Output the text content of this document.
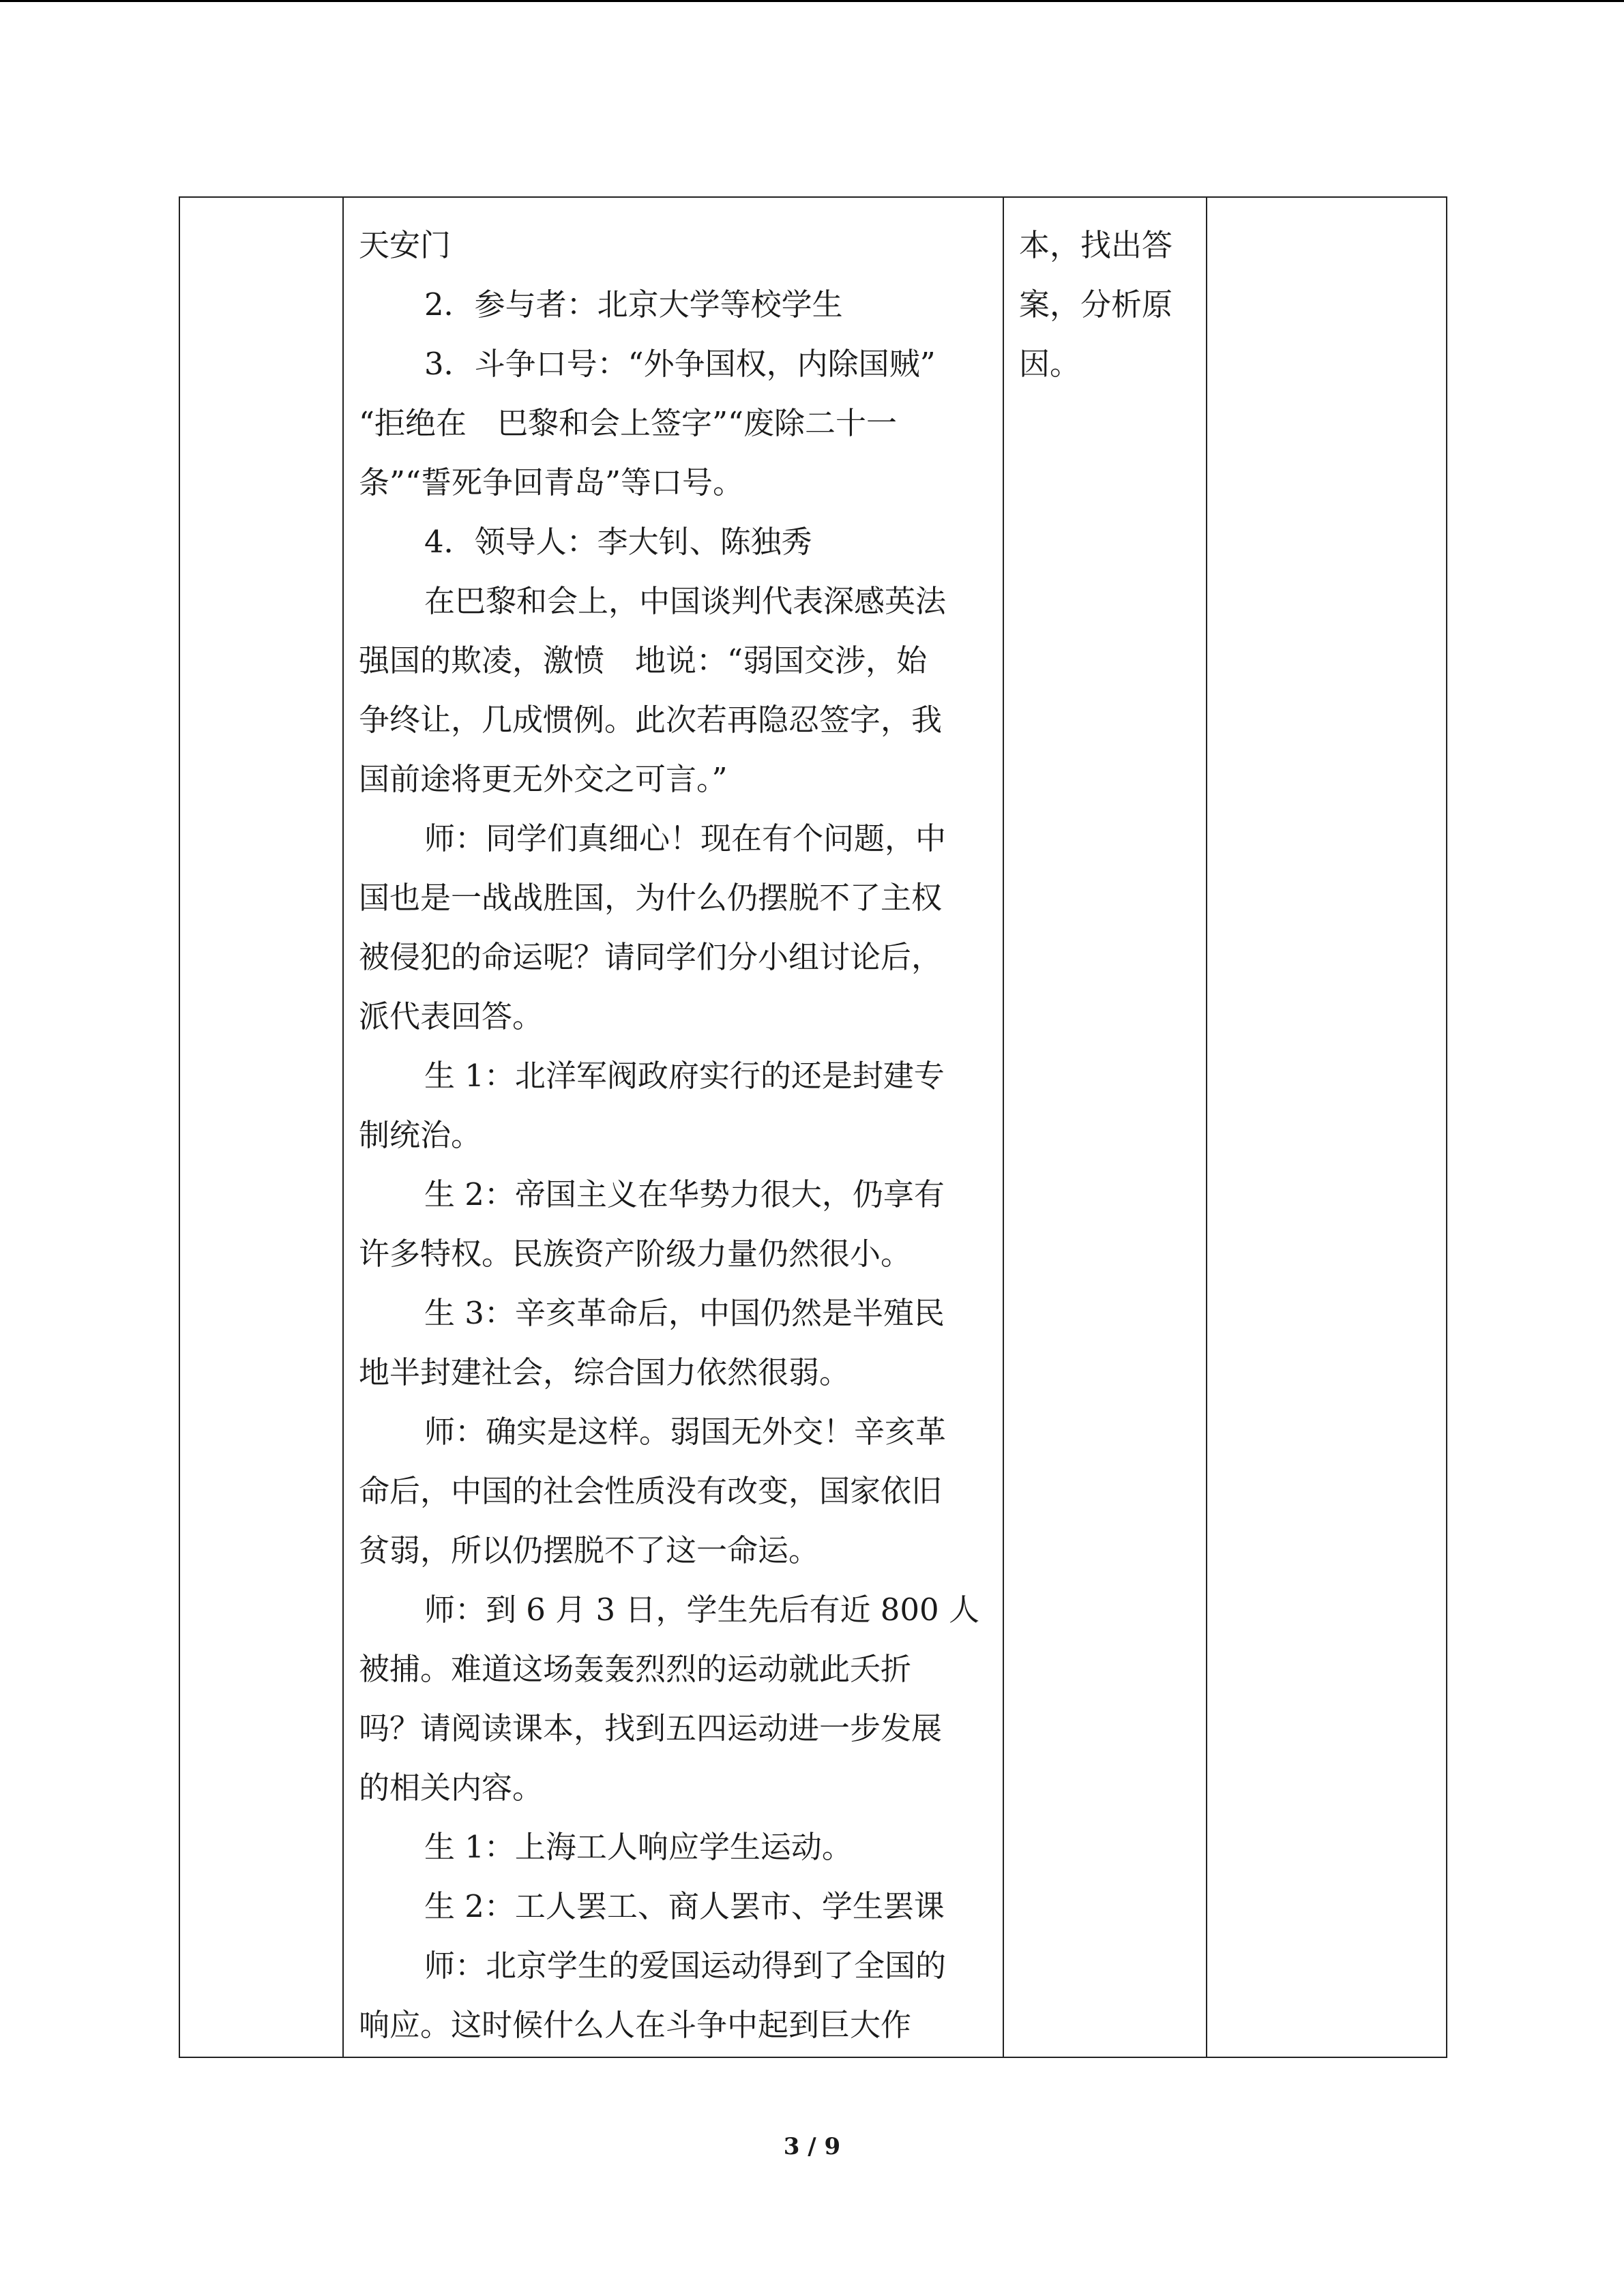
天安门

2．参与者：北京大学等校学生

3．斗争口号：“外争国权，内除国贼”

“拒绝在　巴黎和会上签字”“废除二十一

条”“誓死争回青岛”等口号。

4．领导人：李大钊、陈独秀

在巴黎和会上，中国谈判代表深感英法

强国的欺凌，激愤　地说：“弱国交涉，始

争终让，几成惯例。此次若再隐忍签字，我

国前途将更无外交之可言。”

师：同学们真细心！现在有个问题，中

国也是一战战胜国，为什么仍摆脱不了主权

被侵犯的命运呢？请同学们分小组讨论后，

派代表回答。

生 1：北洋军阀政府实行的还是封建专

制统治。

生 2：帝国主义在华势力很大，仍享有

许多特权。民族资产阶级力量仍然很小。

生 3：辛亥革命后，中国仍然是半殖民

地半封建社会，综合国力依然很弱。

师：确实是这样。弱国无外交！辛亥革

命后，中国的社会性质没有改变，国家依旧

贫弱，所以仍摆脱不了这一命运。

师：到 6 月 3 日，学生先后有近 800 人

被捕。难道这场轰轰烈烈的运动就此夭折

吗？请阅读课本，找到五四运动进一步发展

的相关内容。

生 1：上海工人响应学生运动。

生 2：工人罢工、商人罢市、学生罢课

师：北京学生的爱国运动得到了全国的

响应。这时候什么人在斗争中起到巨大作

本，找出答

案，分析原

因。

3 / 9
